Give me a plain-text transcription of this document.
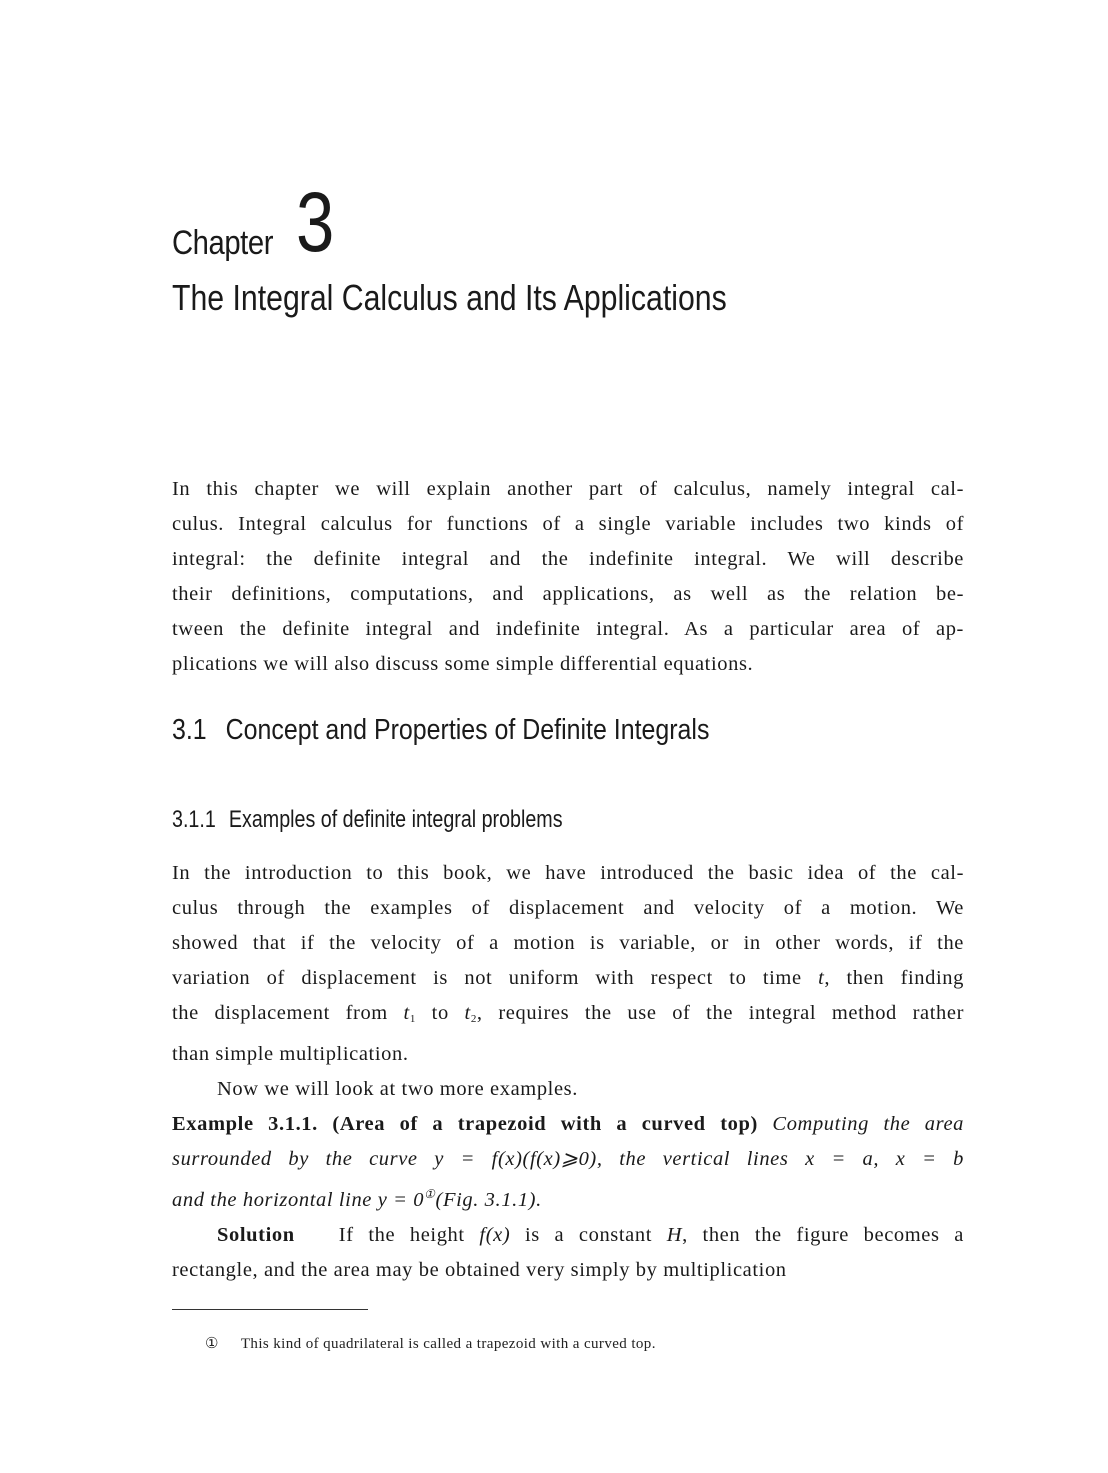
Chapter 3
The Integral Calculus and Its Applications
In this chapter we will explain another part of calculus, namely integral cal-
culus. Integral calculus for functions of a single variable includes two kinds of
integral: the definite integral and the indefinite integral. We will describe
their definitions, computations, and applications, as well as the relation be-
tween the definite integral and indefinite integral. As a particular area of ap-
plications we will also discuss some simple differential equations.
3.1 Concept and Properties of Definite Integrals
3.1.1 Examples of definite integral problems
In the introduction to this book, we have introduced the basic idea of the cal-
culus through the examples of displacement and velocity of a motion. We
showed that if the velocity of a motion is variable, or in other words, if the
variation of displacement is not uniform with respect to time t, then finding
the displacement from $t_1$ to $t_2$, requires the use of the integral method rather
than simple multiplication.
Now we will look at two more examples.
Example 3.1.1. (Area of a trapezoid with a curved top) Computing the area
surrounded by the curve y = f(x)(f(x)⩾0), the vertical lines x = a, x = b
and the horizontal line y = 0①(Fig. 3.1.1).
Solution If the height f(x) is a constant H, then the figure becomes a
rectangle, and the area may be obtained very simply by multiplication
① This kind of quadrilateral is called a trapezoid with a curved top.
